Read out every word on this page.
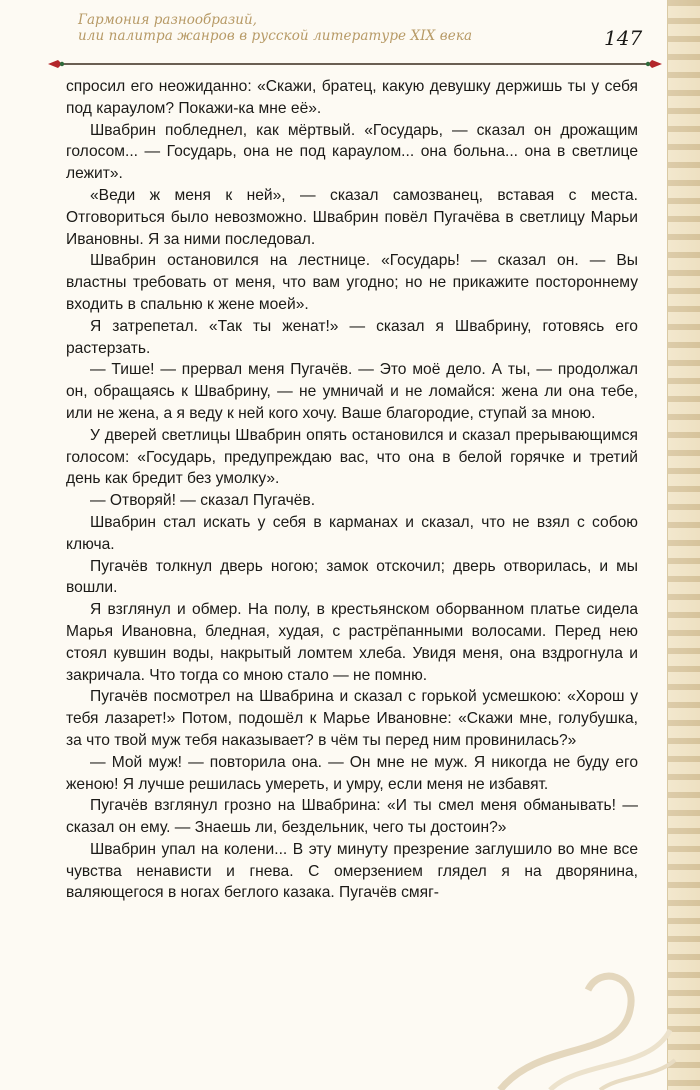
Гармония разнообразий,
или палитра жанров в русской литературе XIX века	147

спросил его неожиданно: «Скажи, братец, какую девушку держишь ты у себя под караулом? Покажи-ка мне её».

Швабрин побледнел, как мёртвый. «Государь, — сказал он дрожащим голосом... — Государь, она не под караулом... она больна... она в светлице лежит».

«Веди ж меня к ней», — сказал самозванец, вставая с места. Отговориться было невозможно. Швабрин повёл Пугачёва в светлицу Марьи Ивановны. Я за ними последовал.

Швабрин остановился на лестнице. «Государь! — сказал он. — Вы властны требовать от меня, что вам угодно; но не прикажите постороннему входить в спальню к жене моей».

Я затрепетал. «Так ты женат!» — сказал я Швабрину, готовясь его растерзать.

— Тише! — прервал меня Пугачёв. — Это моё дело. А ты, — продолжал он, обращаясь к Швабрину, — не умничай и не ломайся: жена ли она тебе, или не жена, а я веду к ней кого хочу. Ваше благородие, ступай за мною.

У дверей светлицы Швабрин опять остановился и сказал прерывающимся голосом: «Государь, предупреждаю вас, что она в белой горячке и третий день как бредит без умолку».

— Отворяй! — сказал Пугачёв.

Швабрин стал искать у себя в карманах и сказал, что не взял с собою ключа.

Пугачёв толкнул дверь ногою; замок отскочил; дверь отворилась, и мы вошли.

Я взглянул и обмер. На полу, в крестьянском оборванном платье сидела Марья Ивановна, бледная, худая, с растрёпанными волосами. Перед нею стоял кувшин воды, накрытый ломтем хлеба. Увидя меня, она вздрогнула и закричала. Что тогда со мною стало — не помню.

Пугачёв посмотрел на Швабрина и сказал с горькой усмешкою: «Хорош у тебя лазарет!» Потом, подошёл к Марье Ивановне: «Скажи мне, голубушка, за что твой муж тебя наказывает? в чём ты перед ним провинилась?»

— Мой муж! — повторила она. — Он мне не муж. Я никогда не буду его женою! Я лучше решилась умереть, и умру, если меня не избавят.

Пугачёв взглянул грозно на Швабрина: «И ты смел меня обманывать! — сказал он ему. — Знаешь ли, бездельник, чего ты достоин?»

Швабрин упал на колени... В эту минуту презрение заглушило во мне все чувства ненависти и гнева. С омерзением глядел я на дворянина, валяющегося в ногах беглого казака. Пугачёв смяг-
